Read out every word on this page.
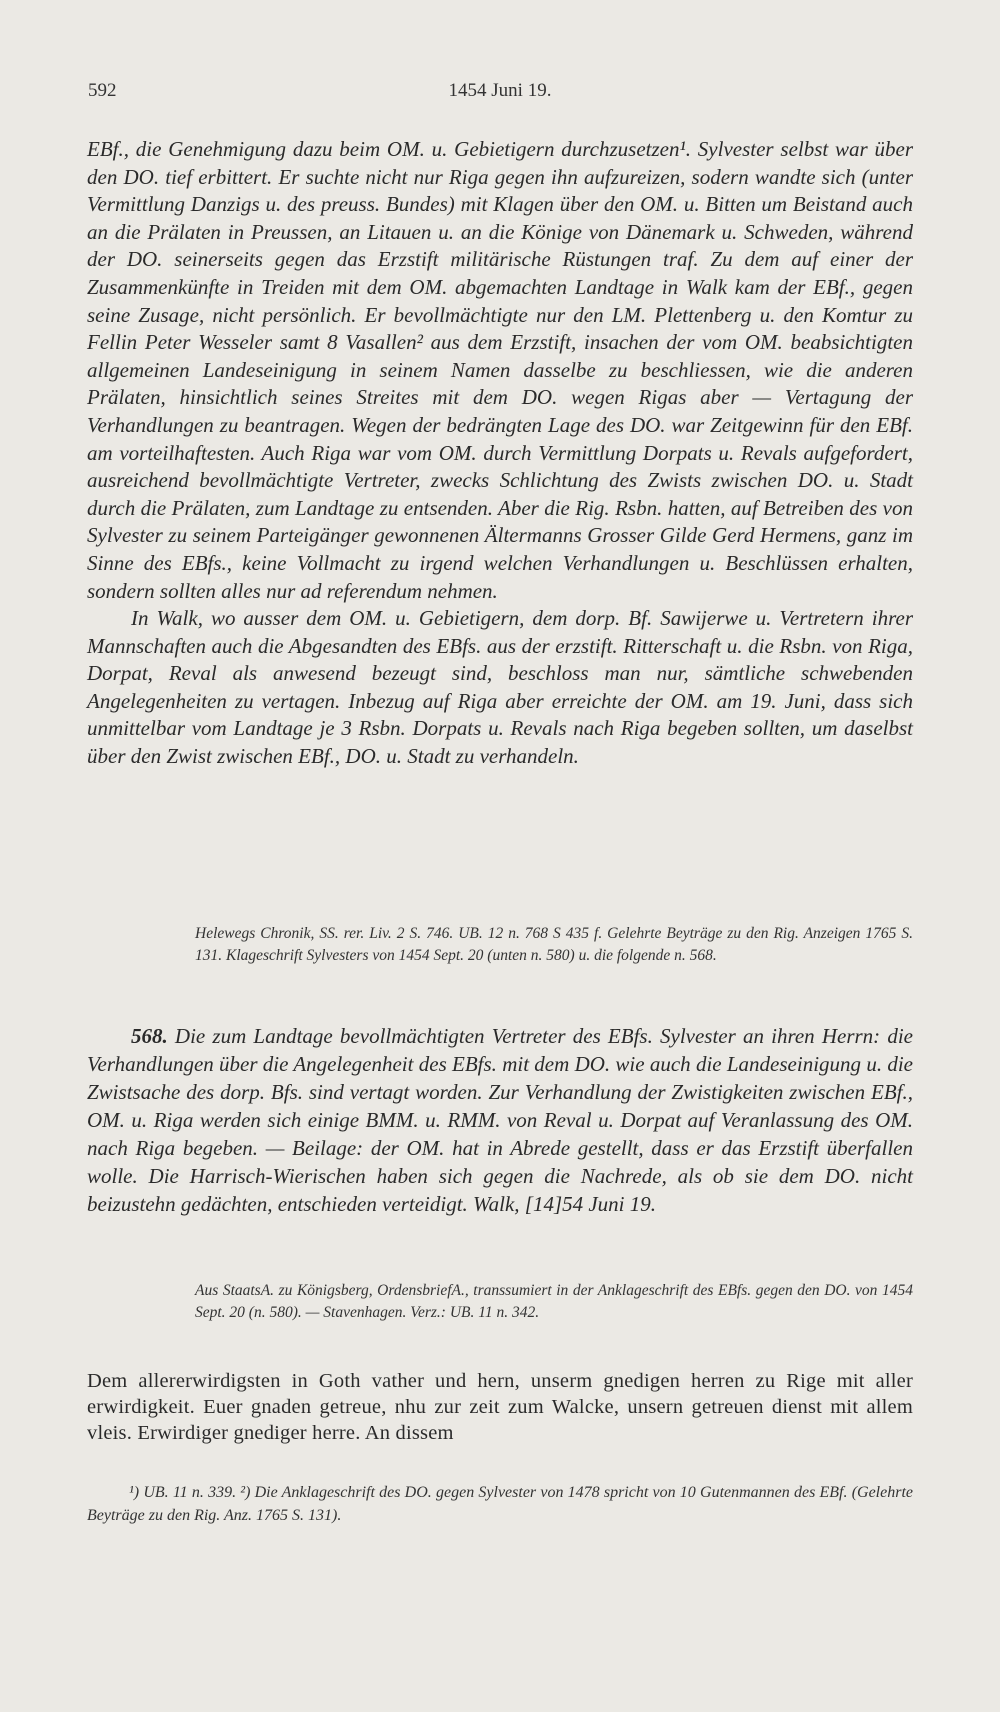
592	1454 Juni 19.

EBf., die Genehmigung dazu beim OM. u. Gebietigern durchzusetzen¹. Sylvester selbst war über den DO. tief erbittert. Er suchte nicht nur Riga gegen ihn aufzureizen, sodern wandte sich (unter Vermittlung Danzigs u. des preuss. Bundes) mit Klagen über den OM. u. Bitten um Beistand auch an die Prälaten in Preussen, an Litauen u. an die Könige von Dänemark u. Schweden, während der DO. seinerseits gegen das Erzstift militärische Rüstungen traf. Zu dem auf einer der Zusammenkünfte in Treiden mit dem OM. abgemachten Landtage in Walk kam der EBf., gegen seine Zusage, nicht persönlich. Er bevollmächtigte nur den LM. Plettenberg u. den Komtur zu Fellin Peter Wesseler samt 8 Vasallen² aus dem Erzstift, insachen der vom OM. beabsichtigten allgemeinen Landeseinigung in seinem Namen dasselbe zu beschliessen, wie die anderen Prälaten, hinsichtlich seines Streites mit dem DO. wegen Rigas aber — Vertagung der Verhandlungen zu beantragen. Wegen der bedrängten Lage des DO. war Zeitgewinn für den EBf. am vorteilhaftesten. Auch Riga war vom OM. durch Vermittlung Dorpats u. Revals aufgefordert, ausreichend bevollmächtigte Vertreter, zwecks Schlichtung des Zwists zwischen DO. u. Stadt durch die Prälaten, zum Landtage zu entsenden. Aber die Rig. Rsbn. hatten, auf Betreiben des von Sylvester zu seinem Parteigänger gewonnenen Ältermanns Grosser Gilde Gerd Hermens, ganz im Sinne des EBfs., keine Vollmacht zu irgend welchen Verhandlungen u. Beschlüssen erhalten, sondern sollten alles nur ad referendum nehmen.

In Walk, wo ausser dem OM. u. Gebietigern, dem dorp. Bf. Sawijerwe u. Vertretern ihrer Mannschaften auch die Abgesandten des EBfs. aus der erzstift. Ritterschaft u. die Rsbn. von Riga, Dorpat, Reval als anwesend bezeugt sind, beschloss man nur, sämtliche schwebenden Angelegenheiten zu vertagen. Inbezug auf Riga aber erreichte der OM. am 19. Juni, dass sich unmittelbar vom Landtage je 3 Rsbn. Dorpats u. Revals nach Riga begeben sollten, um daselbst über den Zwist zwischen EBf., DO. u. Stadt zu verhandeln.

Helewegs Chronik, SS. rer. Liv. 2 S. 746. UB. 12 n. 768 S 435 f. Gelehrte Beyträge zu den Rig. Anzeigen 1765 S. 131. Klageschrift Sylvesters von 1454 Sept. 20 (unten n. 580) u. die folgende n. 568.
568. Die zum Landtage bevollmächtigten Vertreter des EBfs. Sylvester an ihren Herrn: die Verhandlungen über die Angelegenheit des EBfs. mit dem DO. wie auch die Landeseinigung u. die Zwistsache des dorp. Bfs. sind vertagt worden. Zur Verhandlung der Zwistigkeiten zwischen EBf., OM. u. Riga werden sich einige BMM. u. RMM. von Reval u. Dorpat auf Veranlassung des OM. nach Riga begeben. — Beilage: der OM. hat in Abrede gestellt, dass er das Erzstift überfallen wolle. Die Harrisch-Wierischen haben sich gegen die Nachrede, als ob sie dem DO. nicht beizustehn gedächten, entschieden verteidigt. Walk, [14]54 Juni 19.
Aus StaatsA. zu Königsberg, OrdensbriefA., transsumiert in der Anklageschrift des EBfs. gegen den DO. von 1454 Sept. 20 (n. 580). — Stavenhagen. Verz.: UB. 11 n. 342.
Dem allererwirdigsten in Goth vather und hern, unserm gnedigen herren zu Rige mit aller erwirdigkeit. Euer gnaden getreue, nhu zur zeit zum Walcke, unsern getreuen dienst mit allem vleis. Erwirdiger gnediger herre. An dissem
¹) UB. 11 n. 339. ²) Die Anklageschrift des DO. gegen Sylvester von 1478 spricht von 10 Gutenmannen des EBf. (Gelehrte Beyträge zu den Rig. Anz. 1765 S. 131).
